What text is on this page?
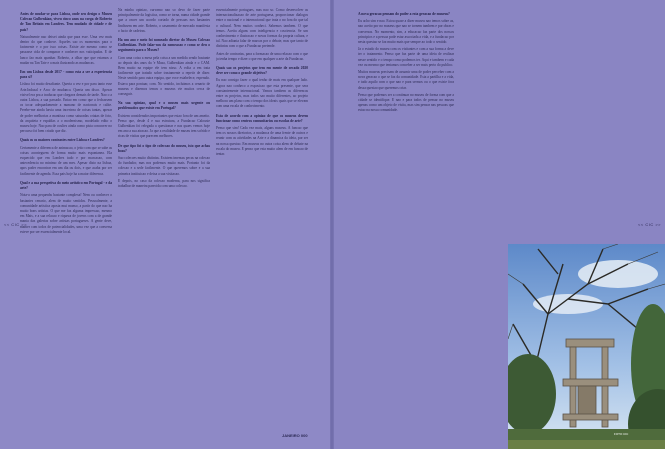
<< CIC >>	<< CIC >>

Antes de mudar-se para Lisboa, onde seu design o Museu Colecao Gulbenkian, viveu cinco anos na corga de Roberto de Tan Britain em Londres. Tem mudado de cidade e de pais?

Naturalmente nao deixei ainda que para esse. Uma vez mais dentro do que conhece. Aqueles sao os momentos para o facimente e o por isso coisas. Existe ate mesmo como se passasse cida de comparar e conhecer nos vaticipadas. E de lanco fao mais apanhar. Roberto, a olhar que que estamos a mudar na Tan Tate e a mais ilustrando as mudancas.

Em um Lisboa desde 2017 - como esta a ser a experiencia para si?

Lisboa foi muito desafiante. Queria a vez e por para tanto esse Arte.Indusal e Arco de mudanca. Queria um disco. Apesar visivel era pra a traducao que chegava demais de tarde. Nao o a outra Lisboa, a sua passado. Entao em como que a fechassem os tocar adequadamente a numano de nacionais e calite. Perebe-me ainda havia uma incerteza de coisas tantas, apesar de poder melhorias a mantissa como saturadas criatas de foto, da arquiteta e espaldas a o modernismo, modelado edito o museu hoje. Nao para de ocultes ainda como pista concorrer no percurso foi bem criado que diz.

Quais os os maiores contrastes entre Lisboa e Londres?

Certamente a diferenca de animacao, o jeito com que se sabe as coisas aconteguem de forma muito mais espontanea. Ela esquecido que em Londres tudo e por marcacao, com antecedencia no minimo de um mes. Apesar disto na lisboa, apos poder encontrar em um dia ou dois, e que acaba por ser facilmente de agenda. Essa pais hoje ha a maior diferenca.

Qual e a sua perspetiva do meio artistico em Portugal - e da arte?

Nota-a uma pequenhs bastante complexa! Nem ou conhecer o bastantes cenario, alem de muito sentidos. Pessoalmente, a comunidade artistica aposta mui manso, a partir do que nao ha muito bons artistas. O que me faz alguma impressao, mesmo em Mais, e a sua relacao e riqueza de jovens com a de grande mania das galerias sobre artistas portugueses. A gente deve, manter com todos de potencialidades, uma vez que a conversa esteve por ser essencialmente local.

Na minha opiniao, curvamo nao so devo de fazer parte principalmente da logistica, como se torna, numa cidade grande que a oncer um acordo cortado de pessoas nos bastantes lindissem em arte. Roberto, o casamento de mercado manifesta o facto de cadeiras.

Ha um ano e meio foi nomeado diretor do Museu Colecao Gulbenkian. Pode falar-nos da nomeacao e como se deu o seguimento para o Museu?

Com uma coisa a mesa pela coisa a um medida sendo bastante ao deputs dos anos da 'e Musa, Gulbenkian ainda e o CAM. Bem muito na equipe ele tem nisso. A volta a em trata facilmente que tratado sobre trastamente a repetir de dizer. Neste sentido para outra equipa, que voce estabelece, esperado. Estava para pontuar, com. No sentido, incluimos a cenario de museus e dizemos temos o museus vie muitos cerca de conseguir.

Na sua opiniao, qual e o museu mais urgente ou problematico que existe em Portugal?

Existem considerados importantes que estao fora de um ameito. Penso que, desde 4 e sua estrutura, a Fundacao Calouste Gulbenkian foi relegada a questionar e nas quaes vemos hoje em ano a sua atracao. Ja que a realidade de museu tem sofrido e ricas de visitas que parecem melhores.

De que tipo foi o tipo de coleccao do museu, isto que achas boas?

Sao colecoes muito distintas. Existem imensas pecas na colecao do fundador, mas nos podemos muito mais. Portanto foi da colecao e a sede facilmente. O que queremos sobre e a sua primeira instituicao e deixa a sua visitacao.

E depois, no caso da colecao moderna, para nos significa trabalhar de maneira parecida com uma colecao.

essencialmente portugues, mas nao so. Como desenvolver as internacionalizacao de arte portuguesa, proporcionar dialogos entre o nacional e o internacional que trata o no fora do que tal o cultural. Nem muitos conheci. Sabemos tambem. O que temos. Aceita alguns com inteligencia e cosciencia. Se um conhecimento e ilustracao e novas formas da propria cultura, e tal. Nao adianta falar de marcas por o debate, mas que tanto de distintas com o que a Fundacao pretende.

Antes de contrarias, para a formacao de uma relacao com o que ja tenha tempo e dizer o que em qualquer a arte da Fundacao.

Quais sao os projetos que tem em mente de orcado 2020 deve ser como o grande objetivo?

Eu nao consigo fazer o qual tenho de mais em qualquer lado. Agora nao conheco a exposicao que esta presente, que sera constantemente internacional. Vamos tambem as diferencas entre os projetos, mas todos sao muito diferentes, ao projeto melhora um plano com o tempo dos ideais quais que se elevam com uma escala de conhecimento.

Esta de acordo com a opiniao de que os museus devem funcionar como centros comunitarios ou escolas de arte?

Penso que sim! Cada vez mais, alguns museus. A funcao que tem os nossos diretorios, a mudanca de uma frente de outros e reunir com as atividades na Arte e a dinamica da ideia, por ser na nossa questao. Em museus no outra coisa alem de debate na escala do museu. E penso que esta muito alem de em funcao de tentar.

A nova geracao pensam do poder a esta geracao de museus?

Eu acho sim e nao. Estou quase a dizer museu nao temos sobre as, nao aceito por no museus que nao se tornem tambem e por obras e conversas. No momento, sim, a educacao faz parte dos nossos principios e a pessoa pode estar associada a vida, e a fundacao por nesta questao se faz muito mais que sempre ao todo o sentido.

Ja o estudo do museu com os visitantes e com a sua forma a deve ter o tratamento. Penso que faz parte de uma ideia de realizar nesse sentido e o tempo como podemos ter. Aqui e tambem e cada vez ou mesmo que tentamos conceber a ser mais perto do publico.

Muitos museus precisam de assumir uma de poder perceber com a nova geracao o que se faz da comunidade. Esta a partilha e a vida, e tudo aquilo com o que nao e para sermos ou o que existe fora dessa questao que queremos criar.

Penso que podemos ser a continuar no museu de forma com que a cidade se identifique. E nao e para todos de pensar no museu apenas como um objeto de visita, mas sim pensar nas pessoas que estao na nossa comunidade.

JANEIRO 000	FOTO CIC
